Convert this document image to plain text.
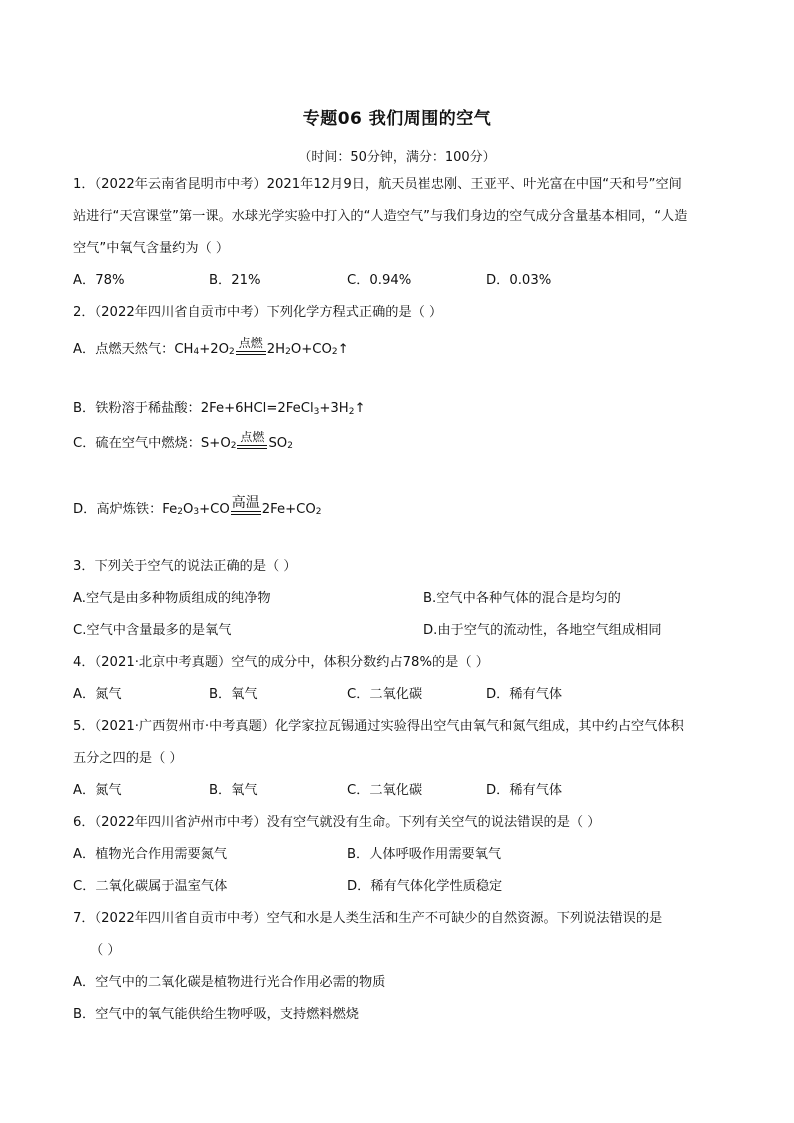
专题06 我们周围的空气
（时间：50分钟，满分：100分）
1．（2022年云南省昆明市中考）2021年12月9日，航天员崔忠刚、王亚平、叶光富在中国“天和号”空间
站进行“天宫课堂”第一课。水球光学实验中打入的“人造空气”与我们身边的空气成分含量基本相同，“人造
空气”中氧气含量约为（ ）
A．78%	B．21%	C．0.94%	D．0.03%
2．（2022年四川省自贡市中考）下列化学方程式正确的是（ ）
A．点燃天然气：$CH_4 +2O$ 2
点燃 $2H_2$ O+CO 2 ↑
B．铁粉溶于稀盐酸：$2Fe+6HCl=2FeCl_3+3H_2↑$
C．硫在空气中燃烧：$S+O_2$
点燃 $SO_2$
D．高炉炼铁：$Fe_2$ O 3 +CO 高温 $2Fe+CO_2$
3．下列关于空气的说法正确的是（ ）
A.空气是由多种物质组成的纯净物	B.空气中各种气体的混合是均匀的
C.空气中含量最多的是氧气	D.由于空气的流动性，各地空气组成相同
4．（2021·北京中考真题）空气的成分中，体积分数约占78%的是（ ）
A．氮气	B．氧气	C．二氧化碳	D．稀有气体
5．（2021·广西贺州市·中考真题）化学家拉瓦锡通过实验得出空气由氧气和氮气组成，其中约占空气体积
五分之四的是（ ）
A．氮气	B．氧气	C．二氧化碳	D．稀有气体
6．（2022年四川省泸州市中考）没有空气就没有生命。下列有关空气的说法错误的是（ ）
A．植物光合作用需要氮气	B．人体呼吸作用需要氧气
C．二氧化碳属于温室气体	D．稀有气体化学性质稳定
7．（2022年四川省自贡市中考）空气和水是人类生活和生产不可缺少的自然资源。下列说法错误的是
（ ）
A．空气中的二氧化碳是植物进行光合作用必需的物质
B．空气中的氧气能供给生物呼吸，支持燃料燃烧
